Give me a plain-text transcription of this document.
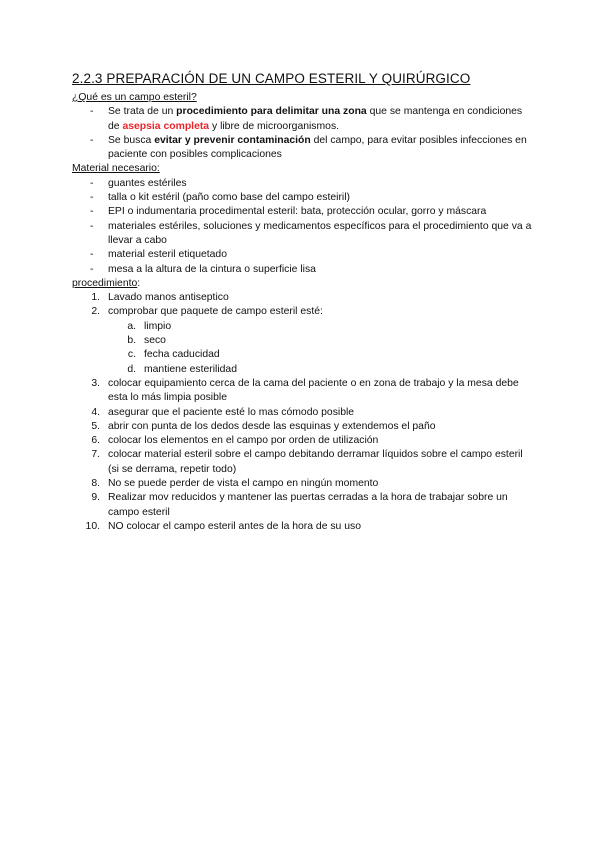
2.2.3 PREPARACIÓN DE UN CAMPO ESTERIL Y QUIRÚRGICO
¿Qué es un campo esteril?
- Se trata de un procedimiento para delimitar una zona que se mantenga en condiciones de asepsia completa y libre de microorganismos.
- Se busca evitar y prevenir contaminación del campo, para evitar posibles infecciones en paciente con posibles complicaciones
Material necesario:
- guantes estériles
- talla o kit estéril (paño como base del campo esteiril)
- EPI o indumentaria procedimental esteril: bata, protección ocular, gorro y máscara
- materiales estériles, soluciones y medicamentos específicos para el procedimiento que va a llevar a cabo
- material esteril etiquetado
- mesa a la altura de la cintura o superficie lisa
procedimiento:
1. Lavado manos antiseptico
2. comprobar que paquete de campo esteril esté:
a. limpio
b. seco
c. fecha caducidad
d. mantiene esterilidad
3. colocar equipamiento cerca de la cama del paciente o en zona de trabajo y la mesa debe esta lo más limpia posible
4. asegurar que el paciente esté lo mas cómodo posible
5. abrir con punta de los dedos desde las esquinas y extendemos el paño
6. colocar los elementos en el campo por orden de utilización
7. colocar material esteril sobre el campo debitando derramar líquidos sobre el campo esteril (si se derrama, repetir todo)
8. No se puede perder de vista el campo en ningún momento
9. Realizar mov reducidos y mantener las puertas cerradas a la hora de trabajar sobre un campo esteril
10. NO colocar el campo esteril antes de la hora de su uso
